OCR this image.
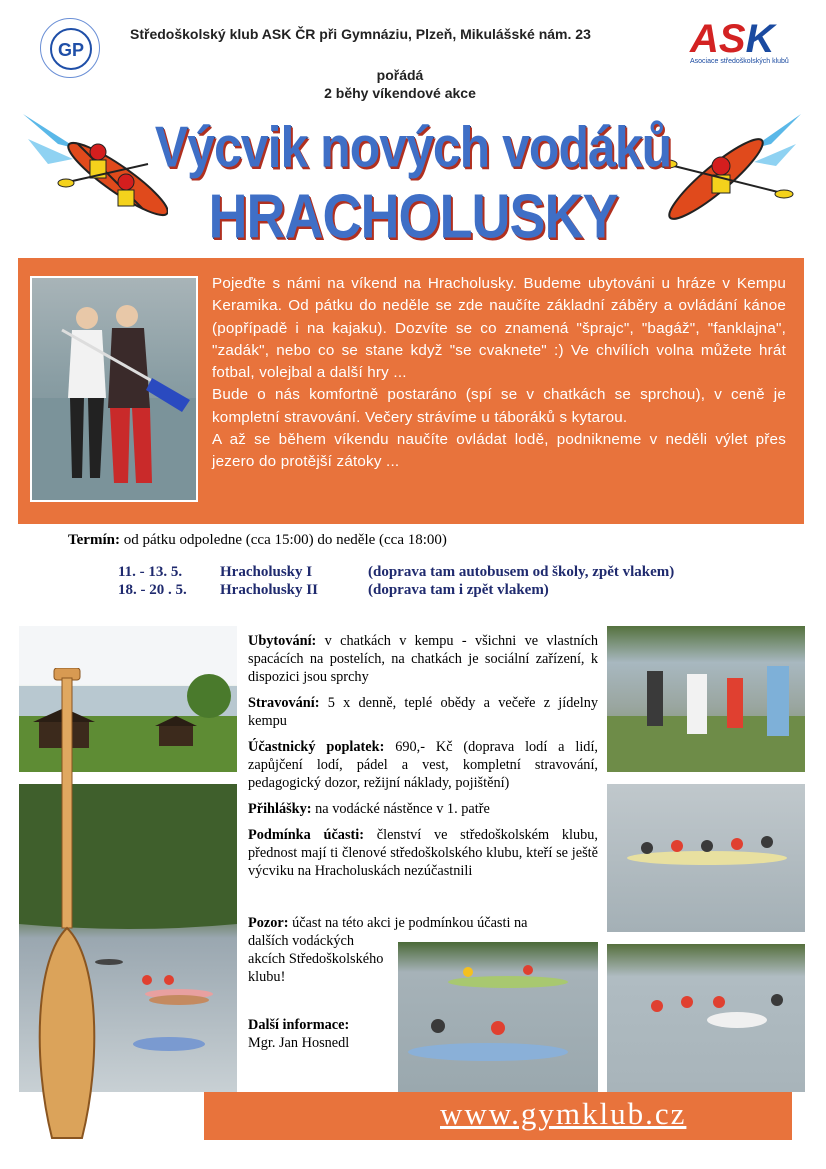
GP
Středoškolský klub ASK ČR při Gymnáziu, Plzeň, Mikulášské nám. 23	ASK
Asociace středoškolských klubů
pořádá
2 běhy víkendové akce
Výcvik nových vodáků
HRACHOLUSKY
Pojeďte s námi na víkend na Hracholusky. Budeme ubytováni u hráze v Kempu Keramika. Od pátku do neděle se zde naučíte základní záběry a ovládání kánoe (popřípadě i na kajaku). Dozvíte se co znamená "šprajc", "bagáž", "fanklajna", "zadák", nebo co se stane když "se cvaknete" :) Ve chvílích volna můžete hrát fotbal, volejbal a další hry ...
Bude o nás komfortně postaráno (spí se v chatkách se sprchou), v ceně je kompletní stravování. Večery strávíme u táboráků s kytarou.
A až se během víkendu naučíte ovládat lodě, podnikneme v neděli výlet přes jezero do protější zátoky ...
Termín: od pátku odpoledne (cca 15:00) do neděle (cca 18:00)
11. - 13. 5.	Hracholusky I	(doprava tam autobusem od školy, zpět vlakem)
18. - 20 . 5.	Hracholusky II	(doprava tam i zpět vlakem)

Ubytování: v chatkách v kempu - všichni ve vlastních spacácích na postelích, na chatkách je sociální zařízení, k dispozici jsou sprchy

Stravování: 5 x denně, teplé obědy a večeře z jídelny kempu

Účastnický poplatek: 690,- Kč (doprava lodí a lidí, zapůjčení lodí, pádel a vest, kompletní stravování, pedagogický dozor, režijní náklady, pojištění)

Přihlášky: na vodácké nástěnce v 1. patře

Podmínka účasti: členství ve středoškolském klubu, přednost mají ti členové středoškolského klubu, kteří se ještě výcviku na Hracholuskách nezúčastnili

Pozor: účast na této akci je podmínkou účasti na
dalších vodáckých akcích Středoškolského klubu!
Další informace:
Mgr. Jan Hosnedl
www.gymklub.cz
